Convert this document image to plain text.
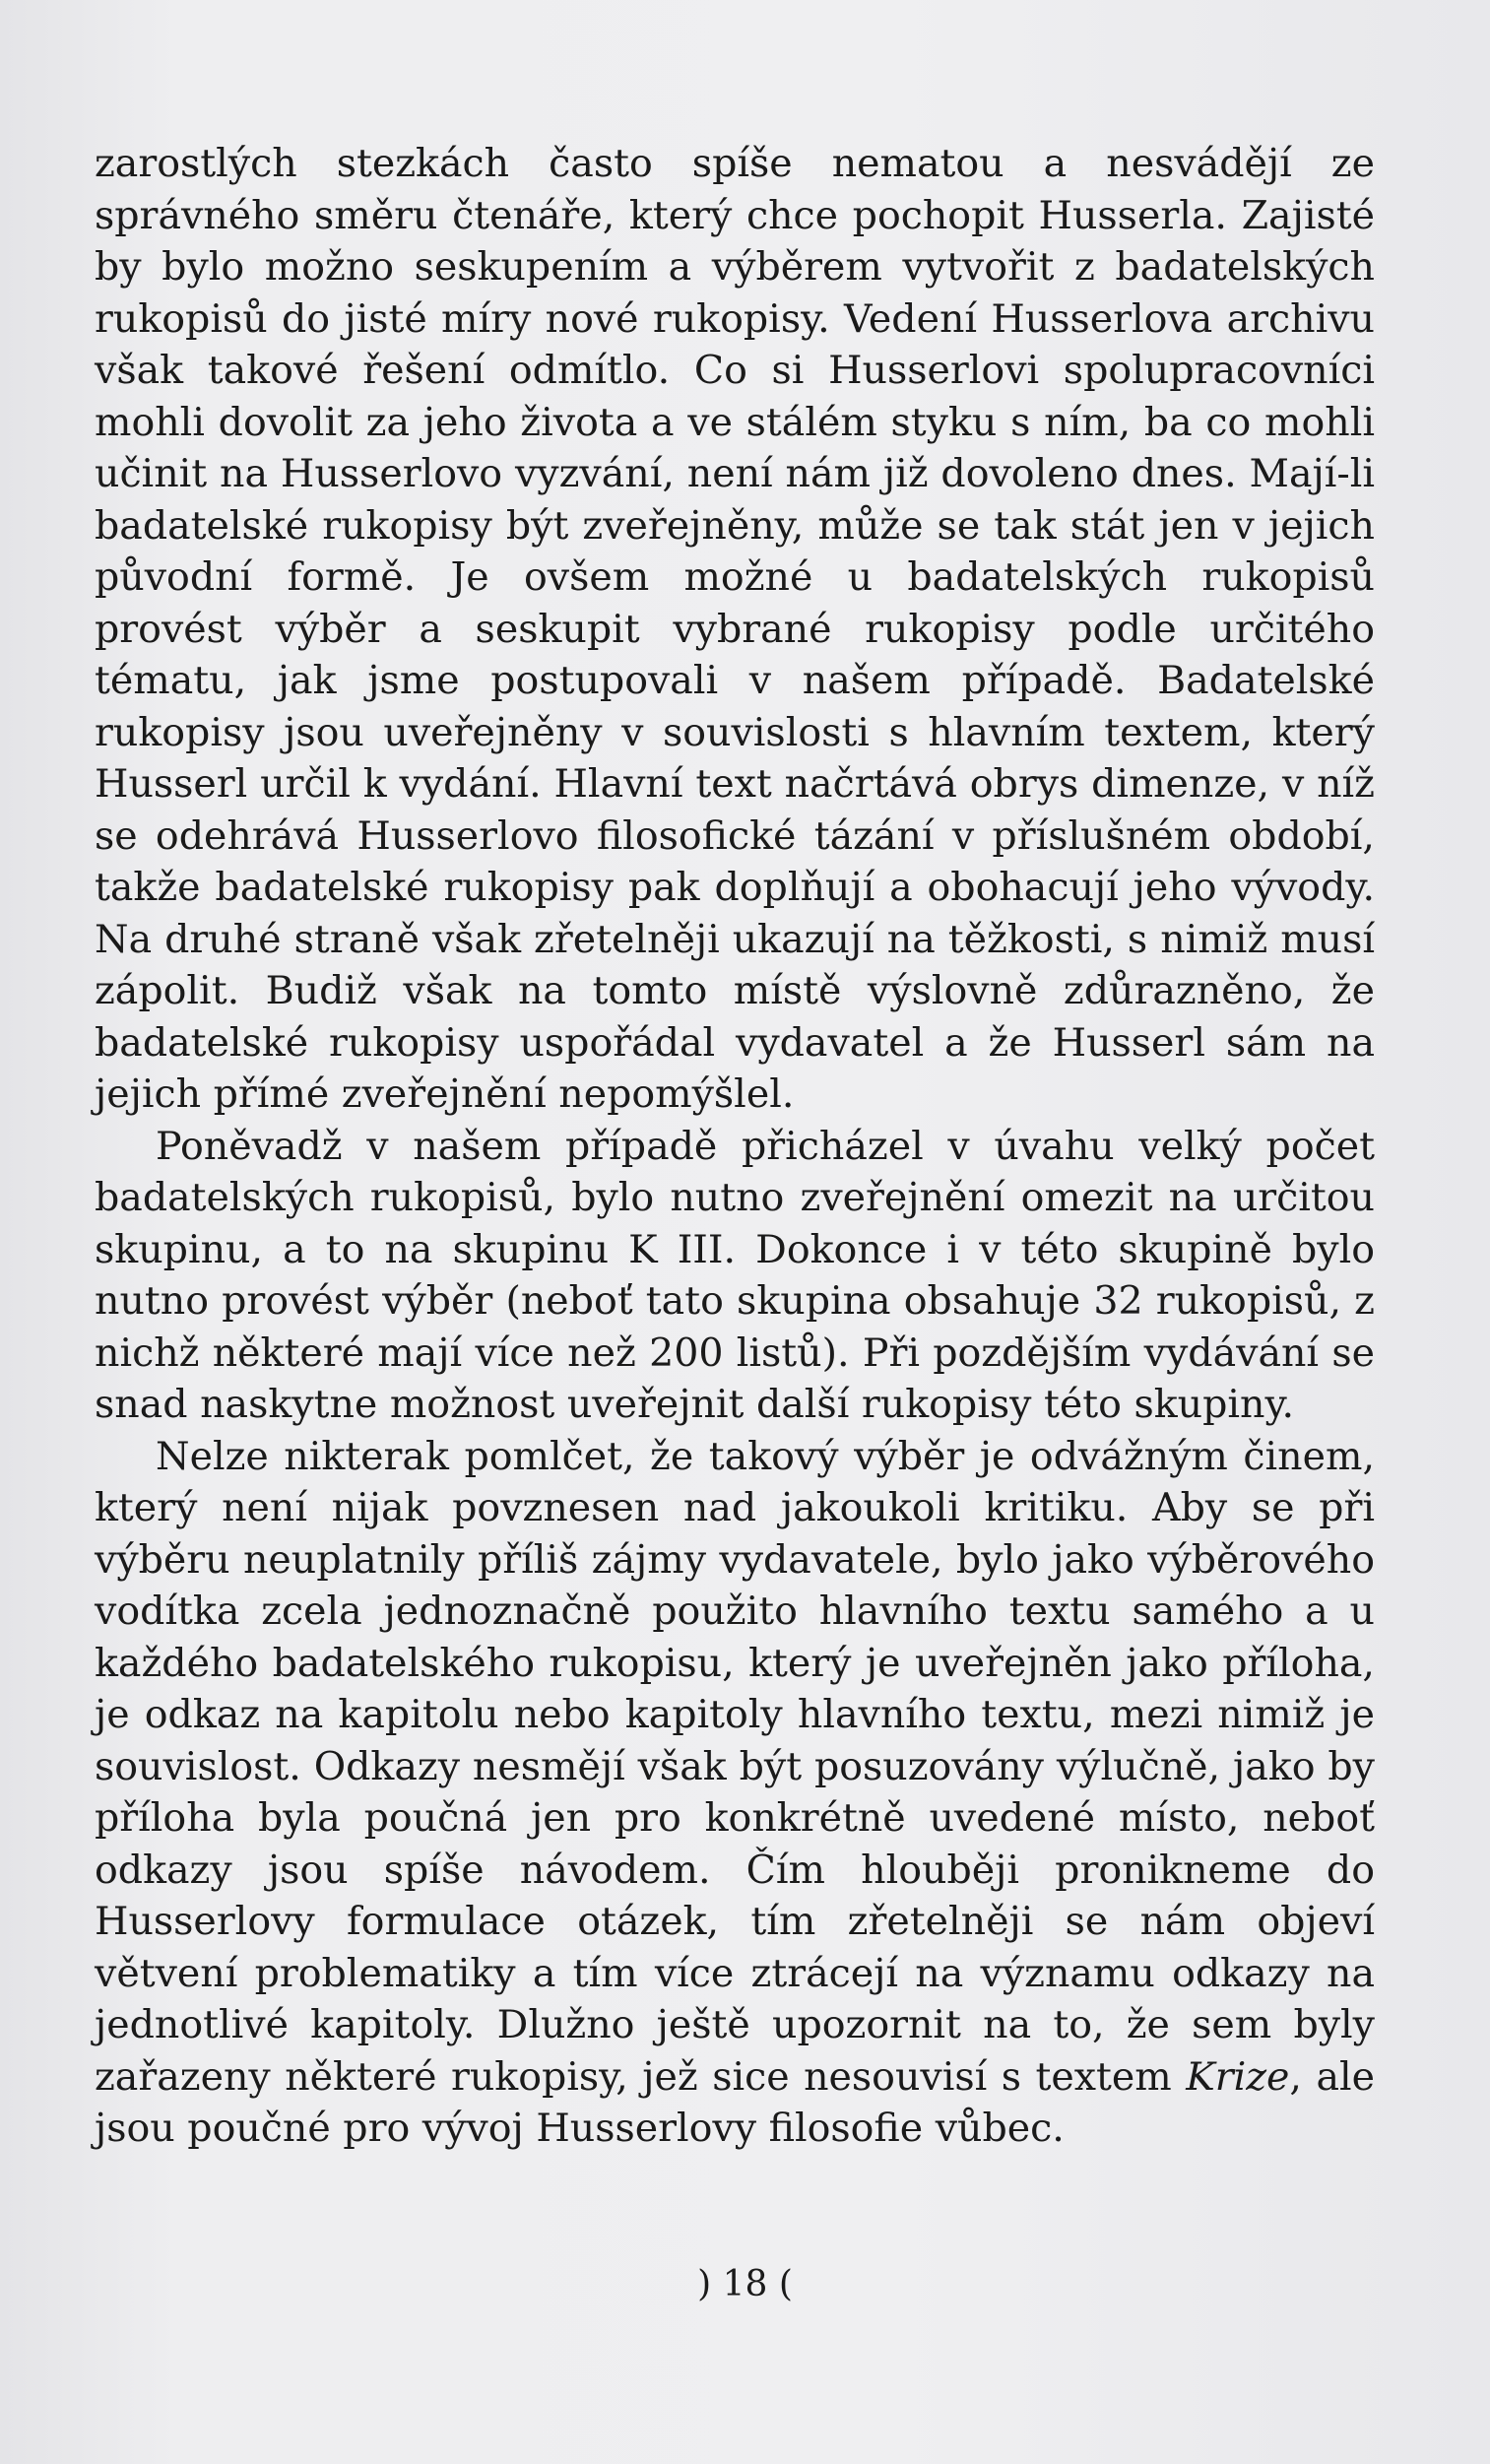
zarostlých stezkách často spíše nematou a nesvádějí ze správného směru čtenáře, který chce pochopit Husserla. Zajisté by bylo možno seskupením a výběrem vytvořit z badatelských rukopisů do jisté míry nové rukopisy. Vedení Husserlova archivu však takové řešení odmítlo. Co si Husserlovi spolupracovníci mohli dovolit za jeho života a ve stálém styku s ním, ba co mohli učinit na Husserlovo vyzvání, není nám již dovoleno dnes. Mají-li badatelské rukopisy být zveřejněny, může se tak stát jen v jejich původní formě. Je ovšem možné u badatelských rukopisů provést výběr a seskupit vybrané rukopisy podle určitého tématu, jak jsme postupovali v našem případě. Badatelské rukopisy jsou uveřejněny v souvislosti s hlavním textem, který Husserl určil k vydání. Hlavní text načrtává obrys dimenze, v níž se odehrává Husserlovo filosofické tázání v příslušném období, takže badatelské rukopisy pak doplňují a obohacují jeho vývody. Na druhé straně však zřetelněji ukazují na těžkosti, s nimiž musí zápolit. Budiž však na tomto místě výslovně zdůrazněno, že badatelské rukopisy uspořádal vydavatel a že Husserl sám na jejich přímé zveřejnění nepomýšlel.

Poněvadž v našem případě přicházel v úvahu velký počet badatelských rukopisů, bylo nutno zveřejnění omezit na určitou skupinu, a to na skupinu K III. Dokonce i v této skupině bylo nutno provést výběr (neboť tato skupina obsahuje 32 rukopisů, z nichž některé mají více než 200 listů). Při pozdějším vydávání se snad naskytne možnost uveřejnit další rukopisy této skupiny.

Nelze nikterak pomlčet, že takový výběr je odvážným činem, který není nijak povznesen nad jakoukoli kritiku. Aby se při výběru neuplatnily příliš zájmy vydavatele, bylo jako výběrového vodítka zcela jednoznačně použito hlavního textu samého a u každého badatelského rukopisu, který je uveřejněn jako příloha, je odkaz na kapitolu nebo kapitoly hlavního textu, mezi nimiž je souvislost. Odkazy nesmějí však být posuzovány výlučně, jako by příloha byla poučná jen pro konkrétně uvedené místo, neboť odkazy jsou spíše návodem. Čím hlouběji pronikneme do Husserlovy formulace otázek, tím zřetelněji se nám objeví větvení problematiky a tím více ztrácejí na významu odkazy na jednotlivé kapitoly. Dlužno ještě upozornit na to, že sem byly zařazeny některé rukopisy, jež sice nesouvisí s textem Krize, ale jsou poučné pro vývoj Husserlovy filosofie vůbec.

) 18 (
